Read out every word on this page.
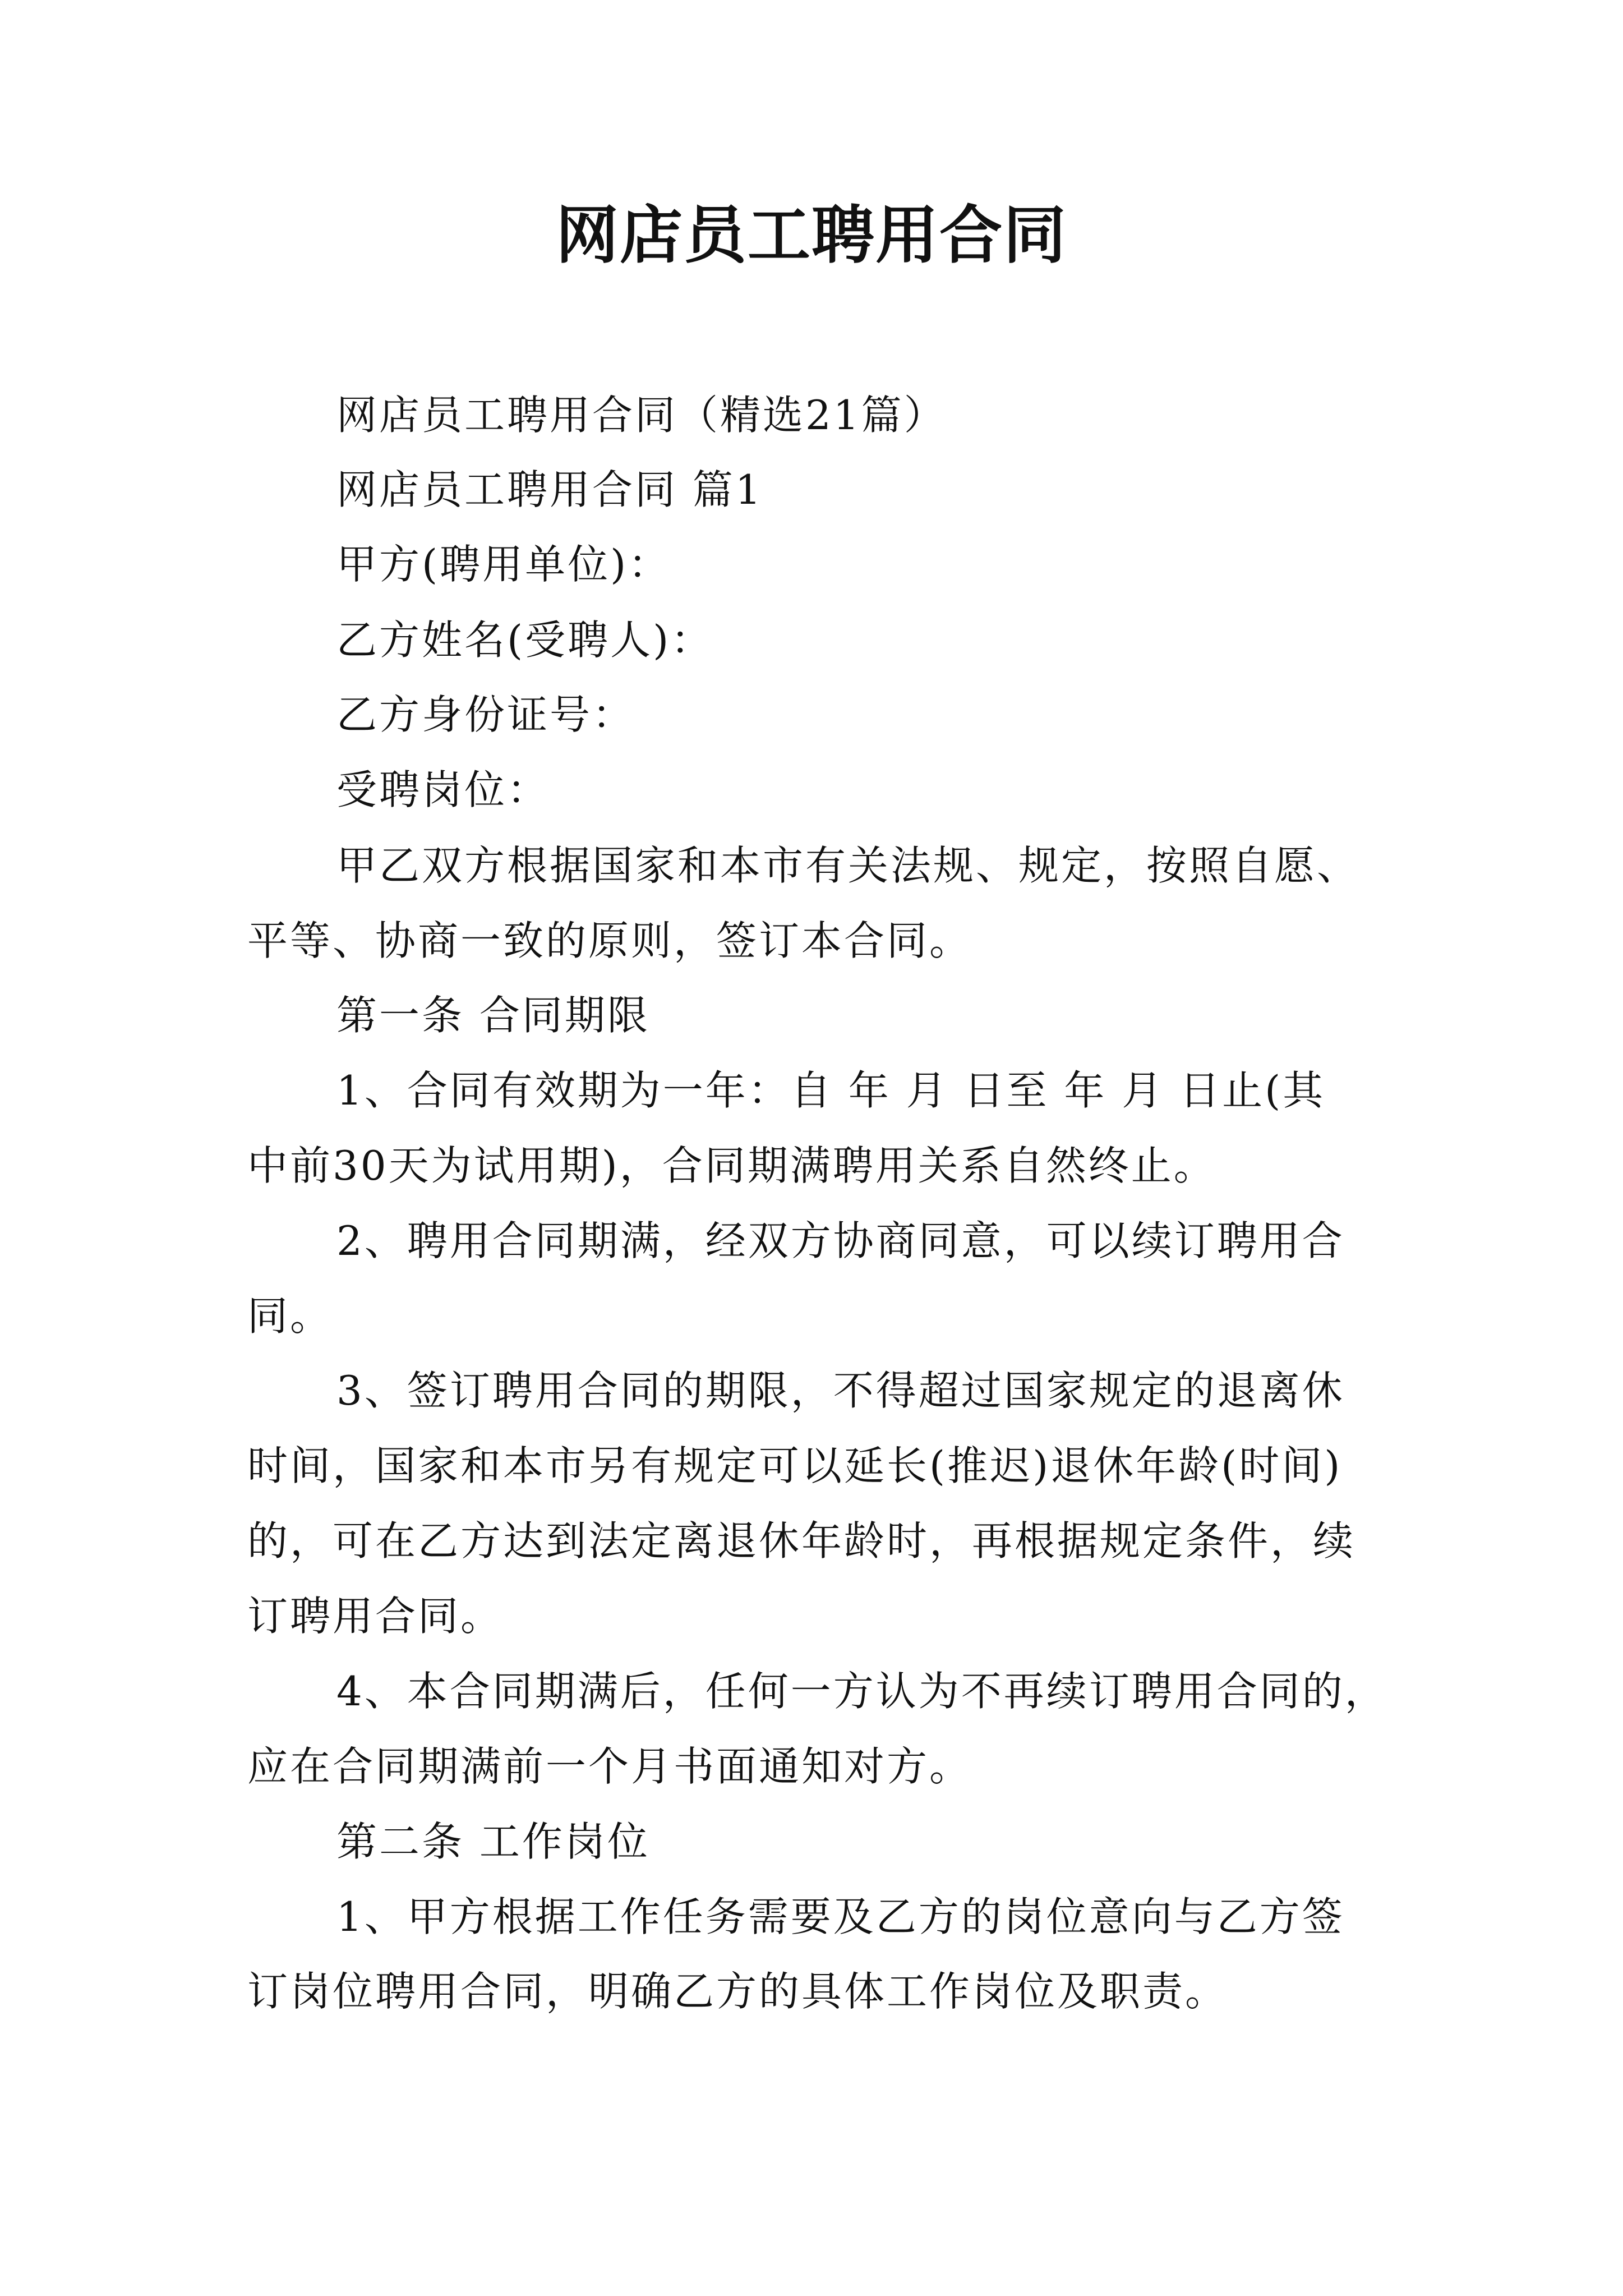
网店员工聘用合同
网店员工聘用合同（精选21篇）
网店员工聘用合同 篇1
甲方(聘用单位)：
乙方姓名(受聘人)：
乙方身份证号：
受聘岗位：
甲乙双方根据国家和本市有关法规、规定，按照自愿、
平等、协商一致的原则，签订本合同。
第一条 合同期限
1、合同有效期为一年：自 年 月 日至 年 月 日止(其
中前30天为试用期)，合同期满聘用关系自然终止。
2、聘用合同期满，经双方协商同意，可以续订聘用合
同。
3、签订聘用合同的期限，不得超过国家规定的退离休
时间，国家和本市另有规定可以延长(推迟)退休年龄(时间)
的，可在乙方达到法定离退休年龄时，再根据规定条件，续
订聘用合同。
4、本合同期满后，任何一方认为不再续订聘用合同的，
应在合同期满前一个月书面通知对方。
第二条 工作岗位
1、甲方根据工作任务需要及乙方的岗位意向与乙方签
订岗位聘用合同，明确乙方的具体工作岗位及职责。
